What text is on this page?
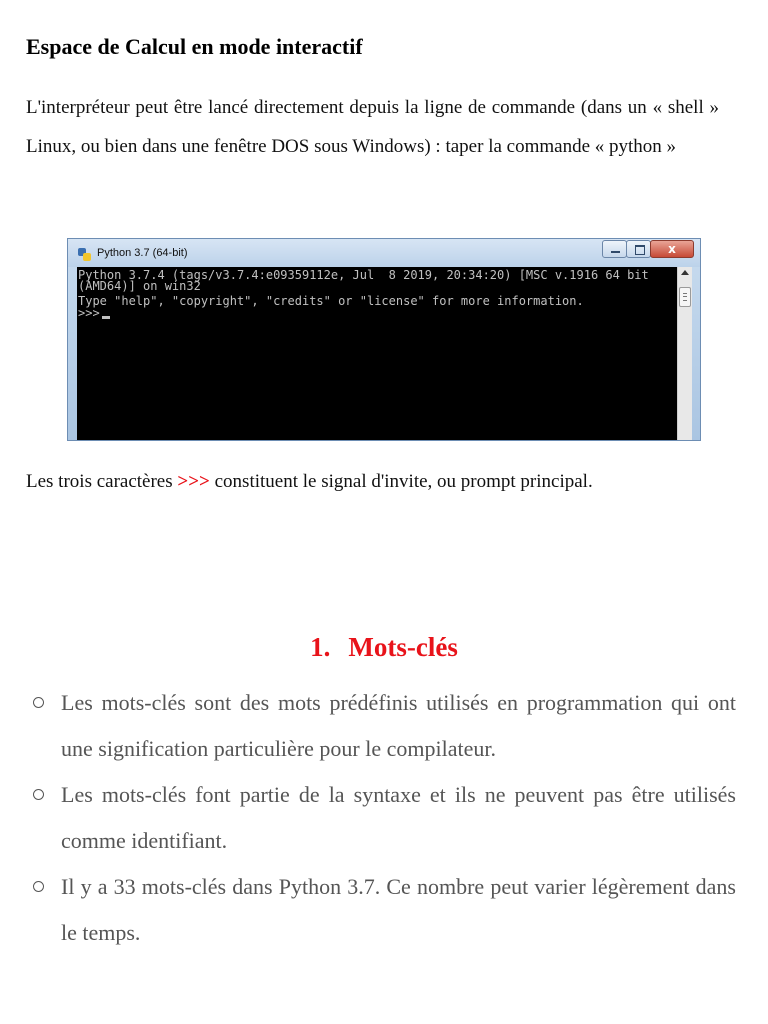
Espace de Calcul en mode interactif
L'interpréteur peut être lancé directement depuis la ligne de commande (dans un « shell » Linux, ou bien dans une fenêtre DOS sous Windows) : taper la commande « python »
Python 3.7 (64-bit)	x
Python 3.7.4 (tags/v3.7.4:e09359112e, Jul  8 2019, 20:34:20) [MSC v.1916 64 bit
(AMD64)] on win32
Type "help", "copyright", "credits" or "license" for more information.
>>>
Les trois caractères >>> constituent le signal d'invite, ou prompt principal.
1. Mots-clés
Les mots-clés sont des mots prédéfinis utilisés en programmation qui ont une signification particulière pour le compilateur.
Les mots-clés font partie de la syntaxe et ils ne peuvent pas être utilisés comme identifiant.
Il y a 33 mots-clés dans Python 3.7. Ce nombre peut varier légèrement dans le temps.
